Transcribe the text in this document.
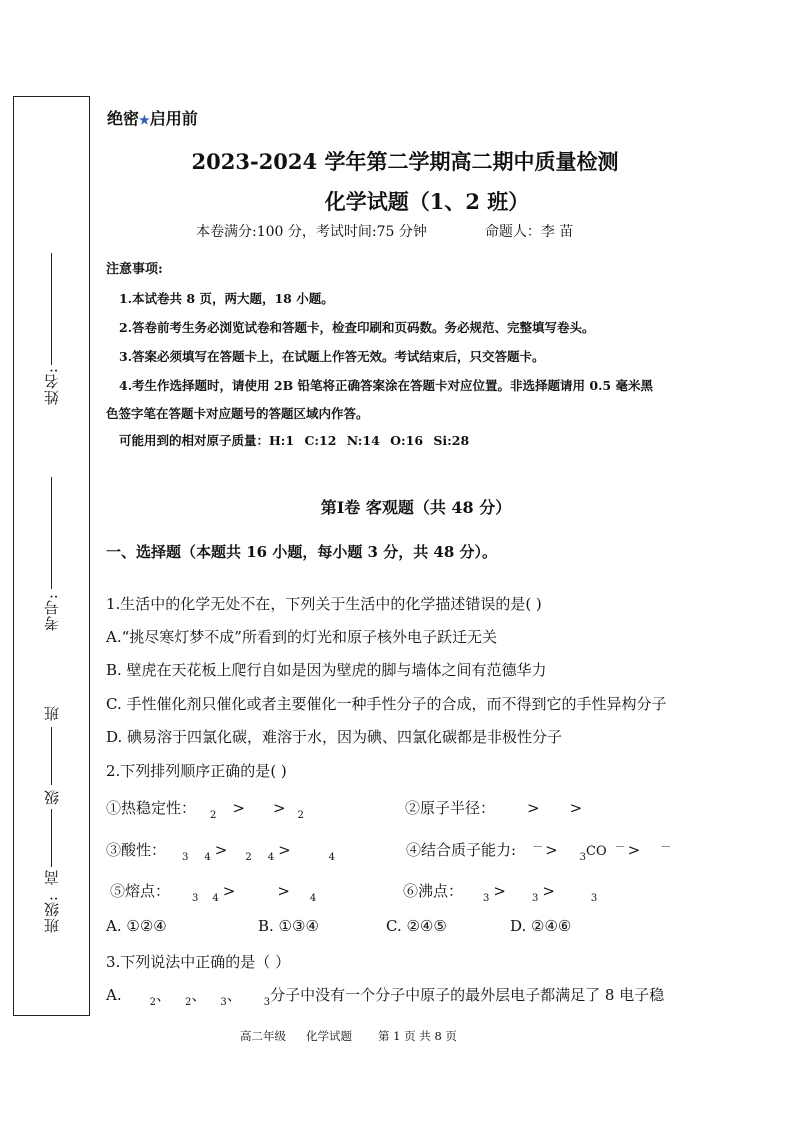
姓名:
考号:
班
级
高
班级:
绝密★启用前
2023-2024 学年第二学期高二期中质量检测
化学试题（1、2 班）
本卷满分:100 分，考试时间:75 分钟	命题人：李 苗
注意事项:
1.本试卷共 8 页，两大题，18 小题。
2.答卷前考生务必浏览试卷和答题卡，检查印刷和页码数。务必规范、完整填写卷头。
3.答案必须填写在答题卡上，在试题上作答无效。考试结束后，只交答题卡。
4.考生作选择题时，请使用 2B 铅笔将正确答案涂在答题卡对应位置。非选择题请用 0.5 毫米黑
色签字笔在答题卡对应题号的答题区域内作答。
可能用到的相对原子质量：H:1 C:12 N:14 O:16 Si:28
第Ⅰ卷 客观题（共 48 分）
一、选择题（本题共 16 小题，每小题 3 分，共 48 分）。
1.生活中的化学无处不在，下列关于生活中的化学描述错误的是( )
A.“挑尽寒灯梦不成”所看到的灯光和原子核外电子跃迁无关
B. 壁虎在天花板上爬行自如是因为壁虎的脚与墙体之间有范德华力
C. 手性催化剂只催化或者主要催化一种手性分子的合成，而不得到它的手性异构分子
D. 碘易溶于四氯化碳，难溶于水，因为碘、四氯化碳都是非极性分子
2.下列排列顺序正确的是( )
①热稳定性： $_2$ > > $_2$	②原子半径： > >
③酸性： $_3$ $_4$ > $_2$ $_4$ >	$_4$	④结合质子能力: － > $_3$CO － > －
⑤熔点： $_3$ $_4$ >	> $_4$	⑥沸点： $_3$ >	$_3$ >	$_3$
A. ①②④	B. ①③④	C. ②④⑤	D. ②④⑥
3.下列说法中正确的是（ ）
A.	$_2$、 $_2$、 $_3$、 $_3$分子中没有一个分子中原子的最外层电子都满足了 8 电子稳
高二年级 化学试题 第 1 页 共 8 页
